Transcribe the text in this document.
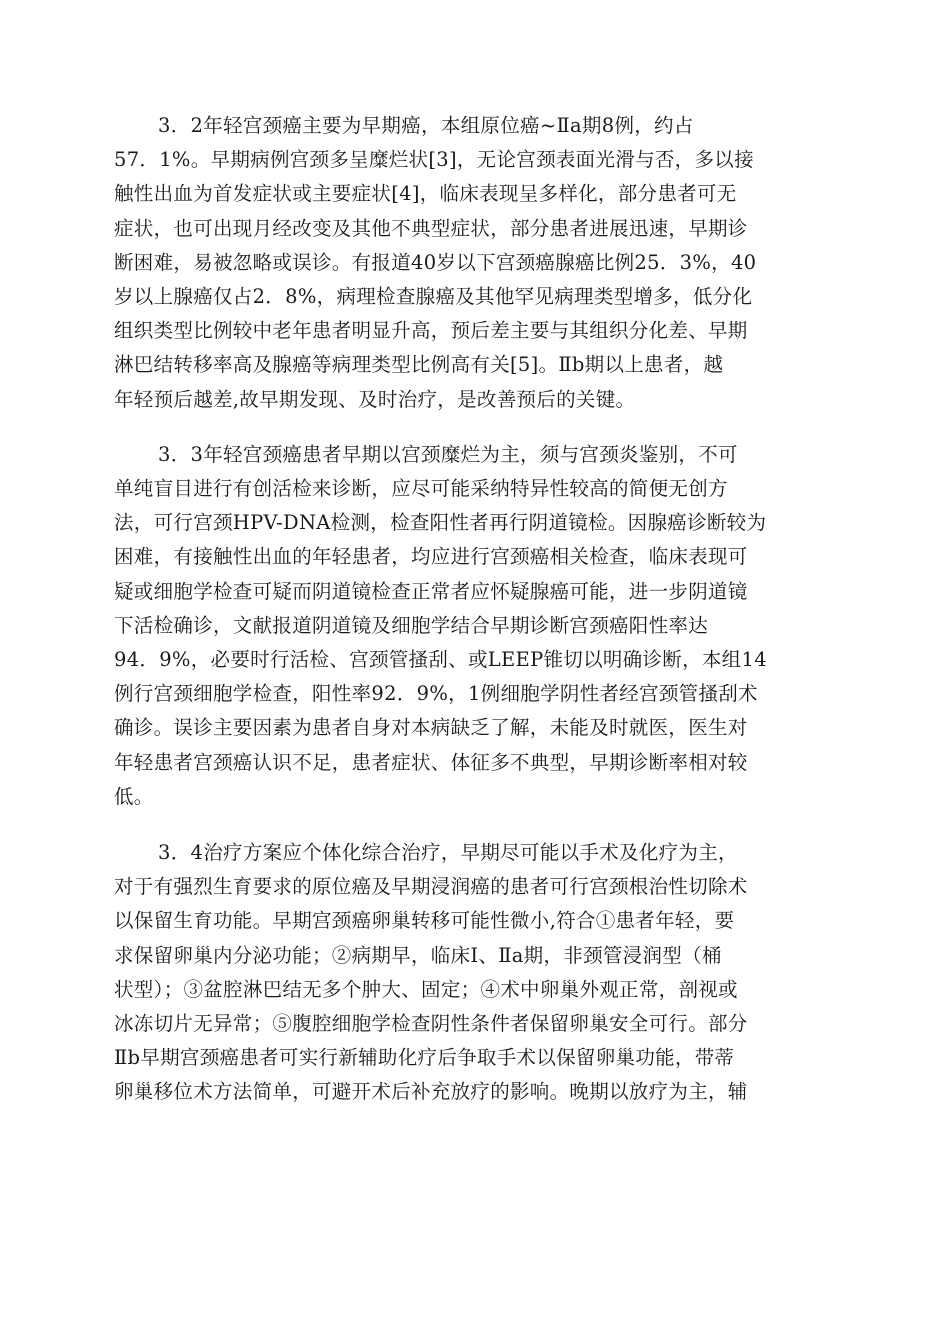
3．2年轻宫颈癌主要为早期癌，本组原位癌~Ⅱa期8例，约占
57．1%。早期病例宫颈多呈糜烂状[3]，无论宫颈表面光滑与否，多以接
触性出血为首发症状或主要症状[4]，临床表现呈多样化，部分患者可无
症状，也可出现月经改变及其他不典型症状，部分患者进展迅速，早期诊
断困难，易被忽略或误诊。有报道40岁以下宫颈癌腺癌比例25．3%，40
岁以上腺癌仅占2．8%，病理检查腺癌及其他罕见病理类型增多，低分化
组织类型比例较中老年患者明显升高，预后差主要与其组织分化差、早期
淋巴结转移率高及腺癌等病理类型比例高有关[5]。Ⅱb期以上患者，越
年轻预后越差,故早期发现、及时治疗，是改善预后的关键。
3．3年轻宫颈癌患者早期以宫颈糜烂为主，须与宫颈炎鉴别，不可
单纯盲目进行有创活检来诊断，应尽可能采纳特异性较高的简便无创方
法，可行宫颈HPV-DNA检测，检查阳性者再行阴道镜检。因腺癌诊断较为
困难，有接触性出血的年轻患者，均应进行宫颈癌相关检查，临床表现可
疑或细胞学检查可疑而阴道镜检查正常者应怀疑腺癌可能，进一步阴道镜
下活检确诊，文献报道阴道镜及细胞学结合早期诊断宫颈癌阳性率达
94．9%，必要时行活检、宫颈管搔刮、或LEEP锥切以明确诊断，本组14
例行宫颈细胞学检查，阳性率92．9%，1例细胞学阴性者经宫颈管搔刮术
确诊。误诊主要因素为患者自身对本病缺乏了解，未能及时就医，医生对
年轻患者宫颈癌认识不足，患者症状、体征多不典型，早期诊断率相对较
低。
3．4治疗方案应个体化综合治疗，早期尽可能以手术及化疗为主，
对于有强烈生育要求的原位癌及早期浸润癌的患者可行宫颈根治性切除术
以保留生育功能。早期宫颈癌卵巢转移可能性微小,符合①患者年轻，要
求保留卵巢内分泌功能；②病期早，临床Ⅰ、Ⅱa期，非颈管浸润型（桶
状型）；③盆腔淋巴结无多个肿大、固定；④术中卵巢外观正常，剖视或
冰冻切片无异常；⑤腹腔细胞学检查阴性条件者保留卵巢安全可行。部分
Ⅱb早期宫颈癌患者可实行新辅助化疗后争取手术以保留卵巢功能，带蒂
卵巢移位术方法简单，可避开术后补充放疗的影响。晚期以放疗为主，辅
